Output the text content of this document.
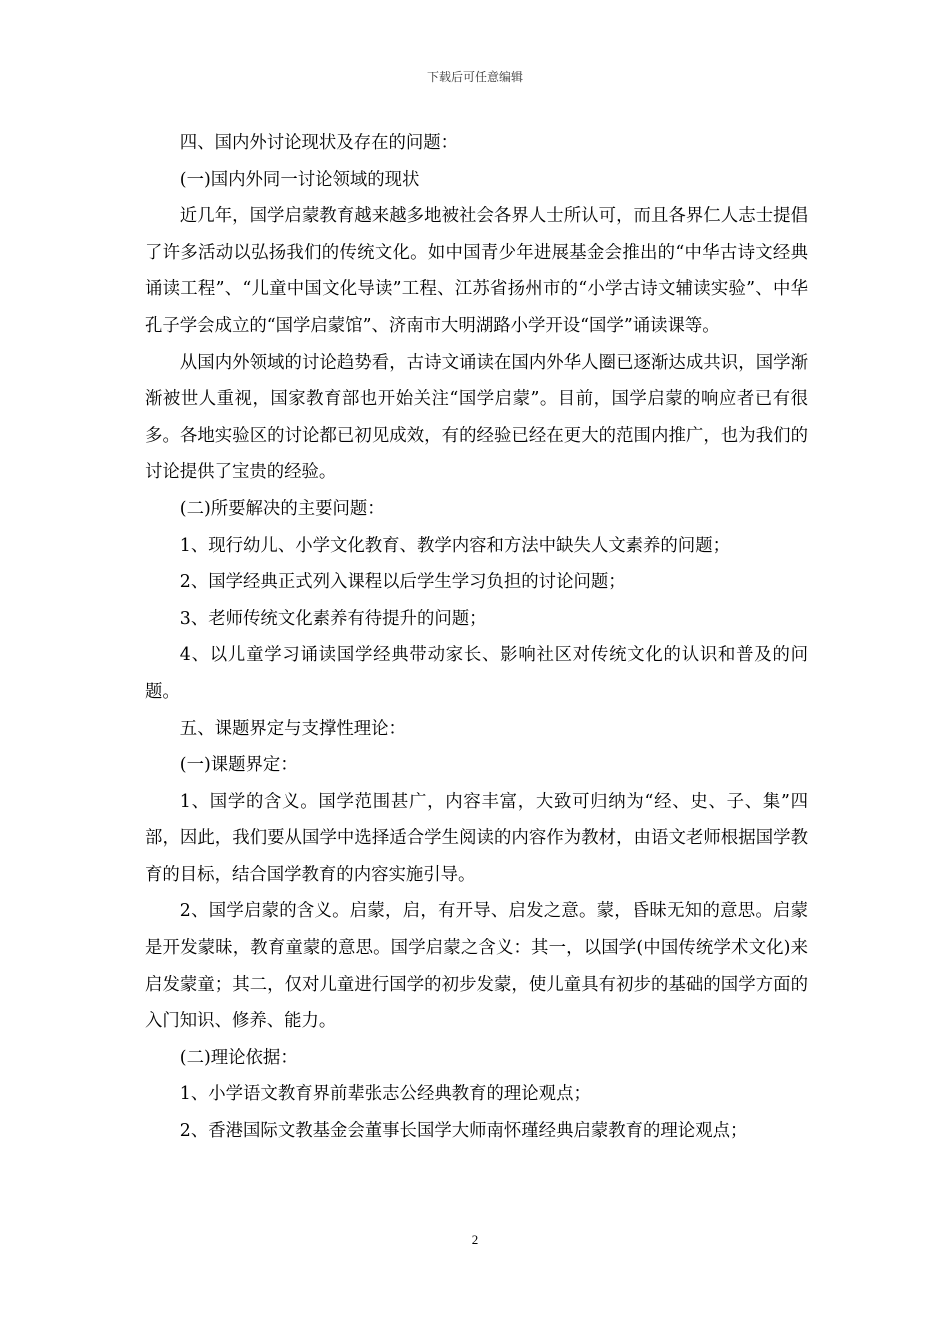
下载后可任意编辑

四、国内外讨论现状及存在的问题：

(一)国内外同一讨论领域的现状

近几年，国学启蒙教育越来越多地被社会各界人士所认可，而且各界仁人志士提倡了许多活动以弘扬我们的传统文化。如中国青少年进展基金会推出的“中华古诗文经典诵读工程”、“儿童中国文化导读”工程、江苏省扬州市的“小学古诗文辅读实验”、中华孔子学会成立的“国学启蒙馆”、济南市大明湖路小学开设“国学”诵读课等。

从国内外领域的讨论趋势看，古诗文诵读在国内外华人圈已逐渐达成共识，国学渐渐被世人重视，国家教育部也开始关注“国学启蒙”。目前，国学启蒙的响应者已有很多。各地实验区的讨论都已初见成效，有的经验已经在更大的范围内推广，也为我们的讨论提供了宝贵的经验。

(二)所要解决的主要问题：

1、现行幼儿、小学文化教育、教学内容和方法中缺失人文素养的问题；

2、国学经典正式列入课程以后学生学习负担的讨论问题；

3、老师传统文化素养有待提升的问题；

4、以儿童学习诵读国学经典带动家长、影响社区对传统文化的认识和普及的问题。

五、课题界定与支撑性理论：

(一)课题界定：

1、国学的含义。国学范围甚广，内容丰富，大致可归纳为“经、史、子、集”四部，因此，我们要从国学中选择适合学生阅读的内容作为教材，由语文老师根据国学教育的目标，结合国学教育的内容实施引导。

2、国学启蒙的含义。启蒙，启，有开导、启发之意。蒙，昏昧无知的意思。启蒙是开发蒙昧，教育童蒙的意思。国学启蒙之含义：其一，以国学(中国传统学术文化)来启发蒙童；其二，仅对儿童进行国学的初步发蒙，使儿童具有初步的基础的国学方面的入门知识、修养、能力。

(二)理论依据：

1、小学语文教育界前辈张志公经典教育的理论观点；

2、香港国际文教基金会董事长国学大师南怀瑾经典启蒙教育的理论观点；

2
